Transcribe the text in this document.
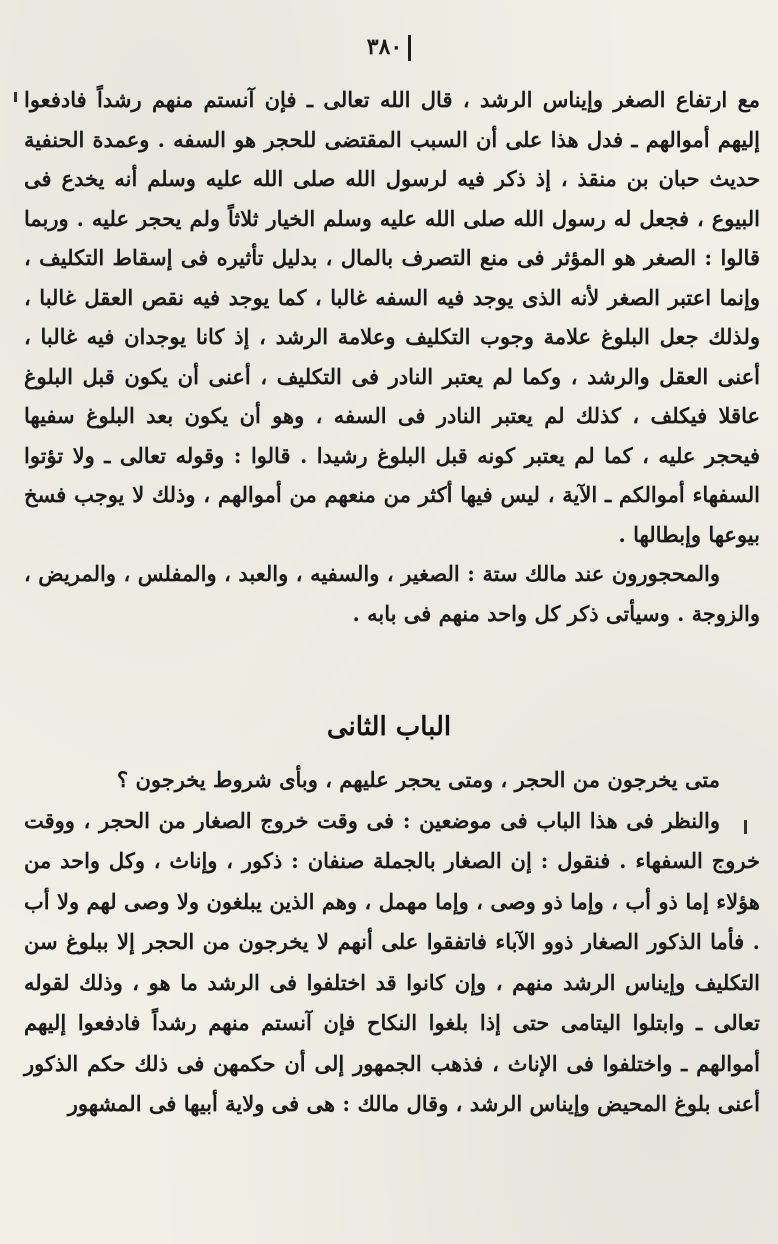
٣٨٠

مع ارتفاع الصغر وإيناس الرشد ، قال الله تعالى ـ فإن آنستم منهم رشداً فادفعوا إليهم أموالهم ـ فدل هذا على أن السبب المقتضى للحجر هو السفه . وعمدة الحنفية حديث حبان بن منقذ ، إذ ذكر فيه لرسول الله صلى الله عليه وسلم أنه يخدع فى البيوع ، فجعل له رسول الله صلى الله عليه وسلم الخيار ثلاثاً ولم يحجر عليه . وربما قالوا : الصغر هو المؤثر فى منع التصرف بالمال ، بدليل تأثيره فى إسقاط التكليف ، وإنما اعتبر الصغر لأنه الذى يوجد فيه السفه غالبا ، كما يوجد فيه نقص العقل غالبا ، ولذلك جعل البلوغ علامة وجوب التكليف وعلامة الرشد ، إذ كانا يوجدان فيه غالبا ، أعنى العقل والرشد ، وكما لم يعتبر النادر فى التكليف ، أعنى أن يكون قبل البلوغ عاقلا فيكلف ، كذلك لم يعتبر النادر فى السفه ، وهو أن يكون بعد البلوغ سفيها فيحجر عليه ، كما لم يعتبر كونه قبل البلوغ رشيدا . قالوا : وقوله تعالى ـ ولا تؤتوا السفهاء أموالكم ـ الآية ، ليس فيها أكثر من منعهم من أموالهم ، وذلك لا يوجب فسخ بيوعها وإبطالها .

والمحجورون عند مالك ستة : الصغير ، والسفيه ، والعبد ، والمفلس ، والمريض ، والزوجة . وسيأتى ذكر كل واحد منهم فى بابه .

الباب الثانى

متى يخرجون من الحجر ، ومتى يحجر عليهم ، وبأى شروط يخرجون ؟

والنظر فى هذا الباب فى موضعين : فى وقت خروج الصغار من الحجر ، ووقت خروج السفهاء . فنقول : إن الصغار بالجملة صنفان : ذكور ، وإناث ، وكل واحد من هؤلاء إما ذو أب ، وإما ذو وصى ، وإما مهمل ، وهم الذين يبلغون ولا وصى لهم ولا أب . فأما الذكور الصغار ذوو الآباء فاتفقوا على أنهم لا يخرجون من الحجر إلا ببلوغ سن التكليف وإيناس الرشد منهم ، وإن كانوا قد اختلفوا فى الرشد ما هو ، وذلك لقوله تعالى ـ وابتلوا اليتامى حتى إذا بلغوا النكاح فإن آنستم منهم رشداً فادفعوا إليهم أموالهم ـ واختلفوا فى الإناث ، فذهب الجمهور إلى أن حكمهن فى ذلك حكم الذكور أعنى بلوغ المحيض وإيناس الرشد ، وقال مالك : هى فى ولاية أبيها فى المشهور
